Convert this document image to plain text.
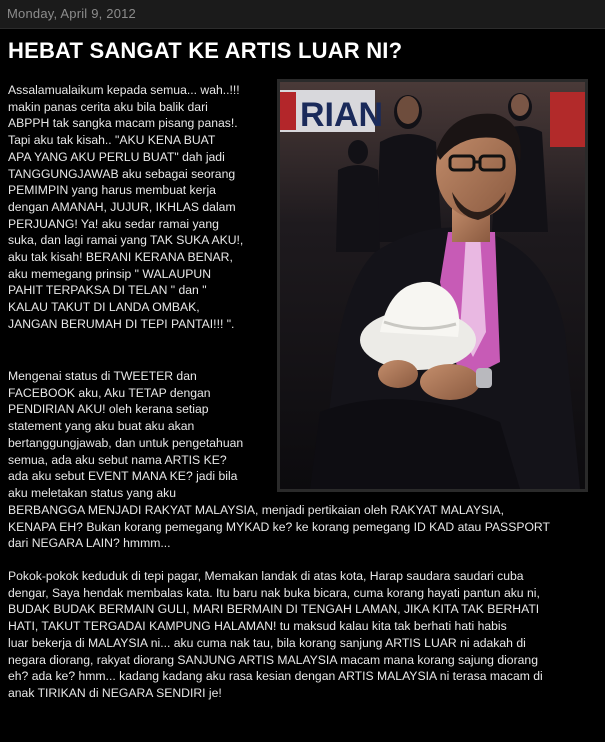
Monday, April 9, 2012
HEBAT SANGAT KE ARTIS LUAR NI?
Assalamualaikum kepada semua... wah..!!!
makin panas cerita aku bila balik dari
ABPPH tak sangka macam pisang panas!.
Tapi aku tak kisah.. "AKU KENA BUAT
APA YANG AKU PERLU BUAT" dah jadi
TANGGUNGJAWAB aku sebagai seorang
PEMIMPIN yang harus membuat kerja
dengan AMANAH, JUJUR, IKHLAS dalam
PERJUANG! Ya! aku sedar ramai yang
suka, dan lagi ramai yang TAK SUKA AKU!,
aku tak kisah! BERANI KERANA BENAR,
aku memegang prinsip " WALAUPUN
PAHIT TERPAKSA DI TELAN " dan "
KALAU TAKUT DI LANDA OMBAK,
JANGAN BERUMAH DI TEPI PANTAI!!! ".
Mengenai status di TWEETER dan
FACEBOOK aku, Aku TETAP dengan
PENDIRIAN AKU! oleh kerana setiap
statement yang aku buat aku akan
bertanggungjawab, dan untuk pengetahuan
semua, ada aku sebut nama ARTIS KE?
ada aku sebut EVENT MANA KE? jadi bila
aku meletakan status yang aku
BERBANGGA MENJADI RAKYAT MALAYSIA, menjadi pertikaian oleh RAKYAT MALAYSIA,
KENAPA EH? Bukan korang pemegang MYKAD ke? ke korang pemegang ID KAD atau PASSPORT
dari NEGARA LAIN? hmmm...
Pokok-pokok keduduk di tepi pagar, Memakan landak di atas kota, Harap saudara saudari cuba
dengar, Saya hendak membalas kata. Itu baru nak buka bicara, cuma korang hayati pantun aku ni,
BUDAK BUDAK BERMAIN GULI, MARI BERMAIN DI TENGAH LAMAN, JIKA KITA TAK BERHATI
HATI, TAKUT TERGADAI KAMPUNG HALAMAN! tu maksud kalau kita tak berhati hati habis
luar bekerja di MALAYSIA ni... aku cuma nak tau, bila korang sanjung ARTIS LUAR ni adakah di
negara diorang, rakyat diorang SANJUNG ARTIS MALAYSIA macam mana korang sajung diorang
eh? ada ke? hmm... kadang kadang aku rasa kesian dengan ARTIS MALAYSIA ni terasa macam di
anak TIRIKAN di NEGARA SENDIRI je!
RIAN
